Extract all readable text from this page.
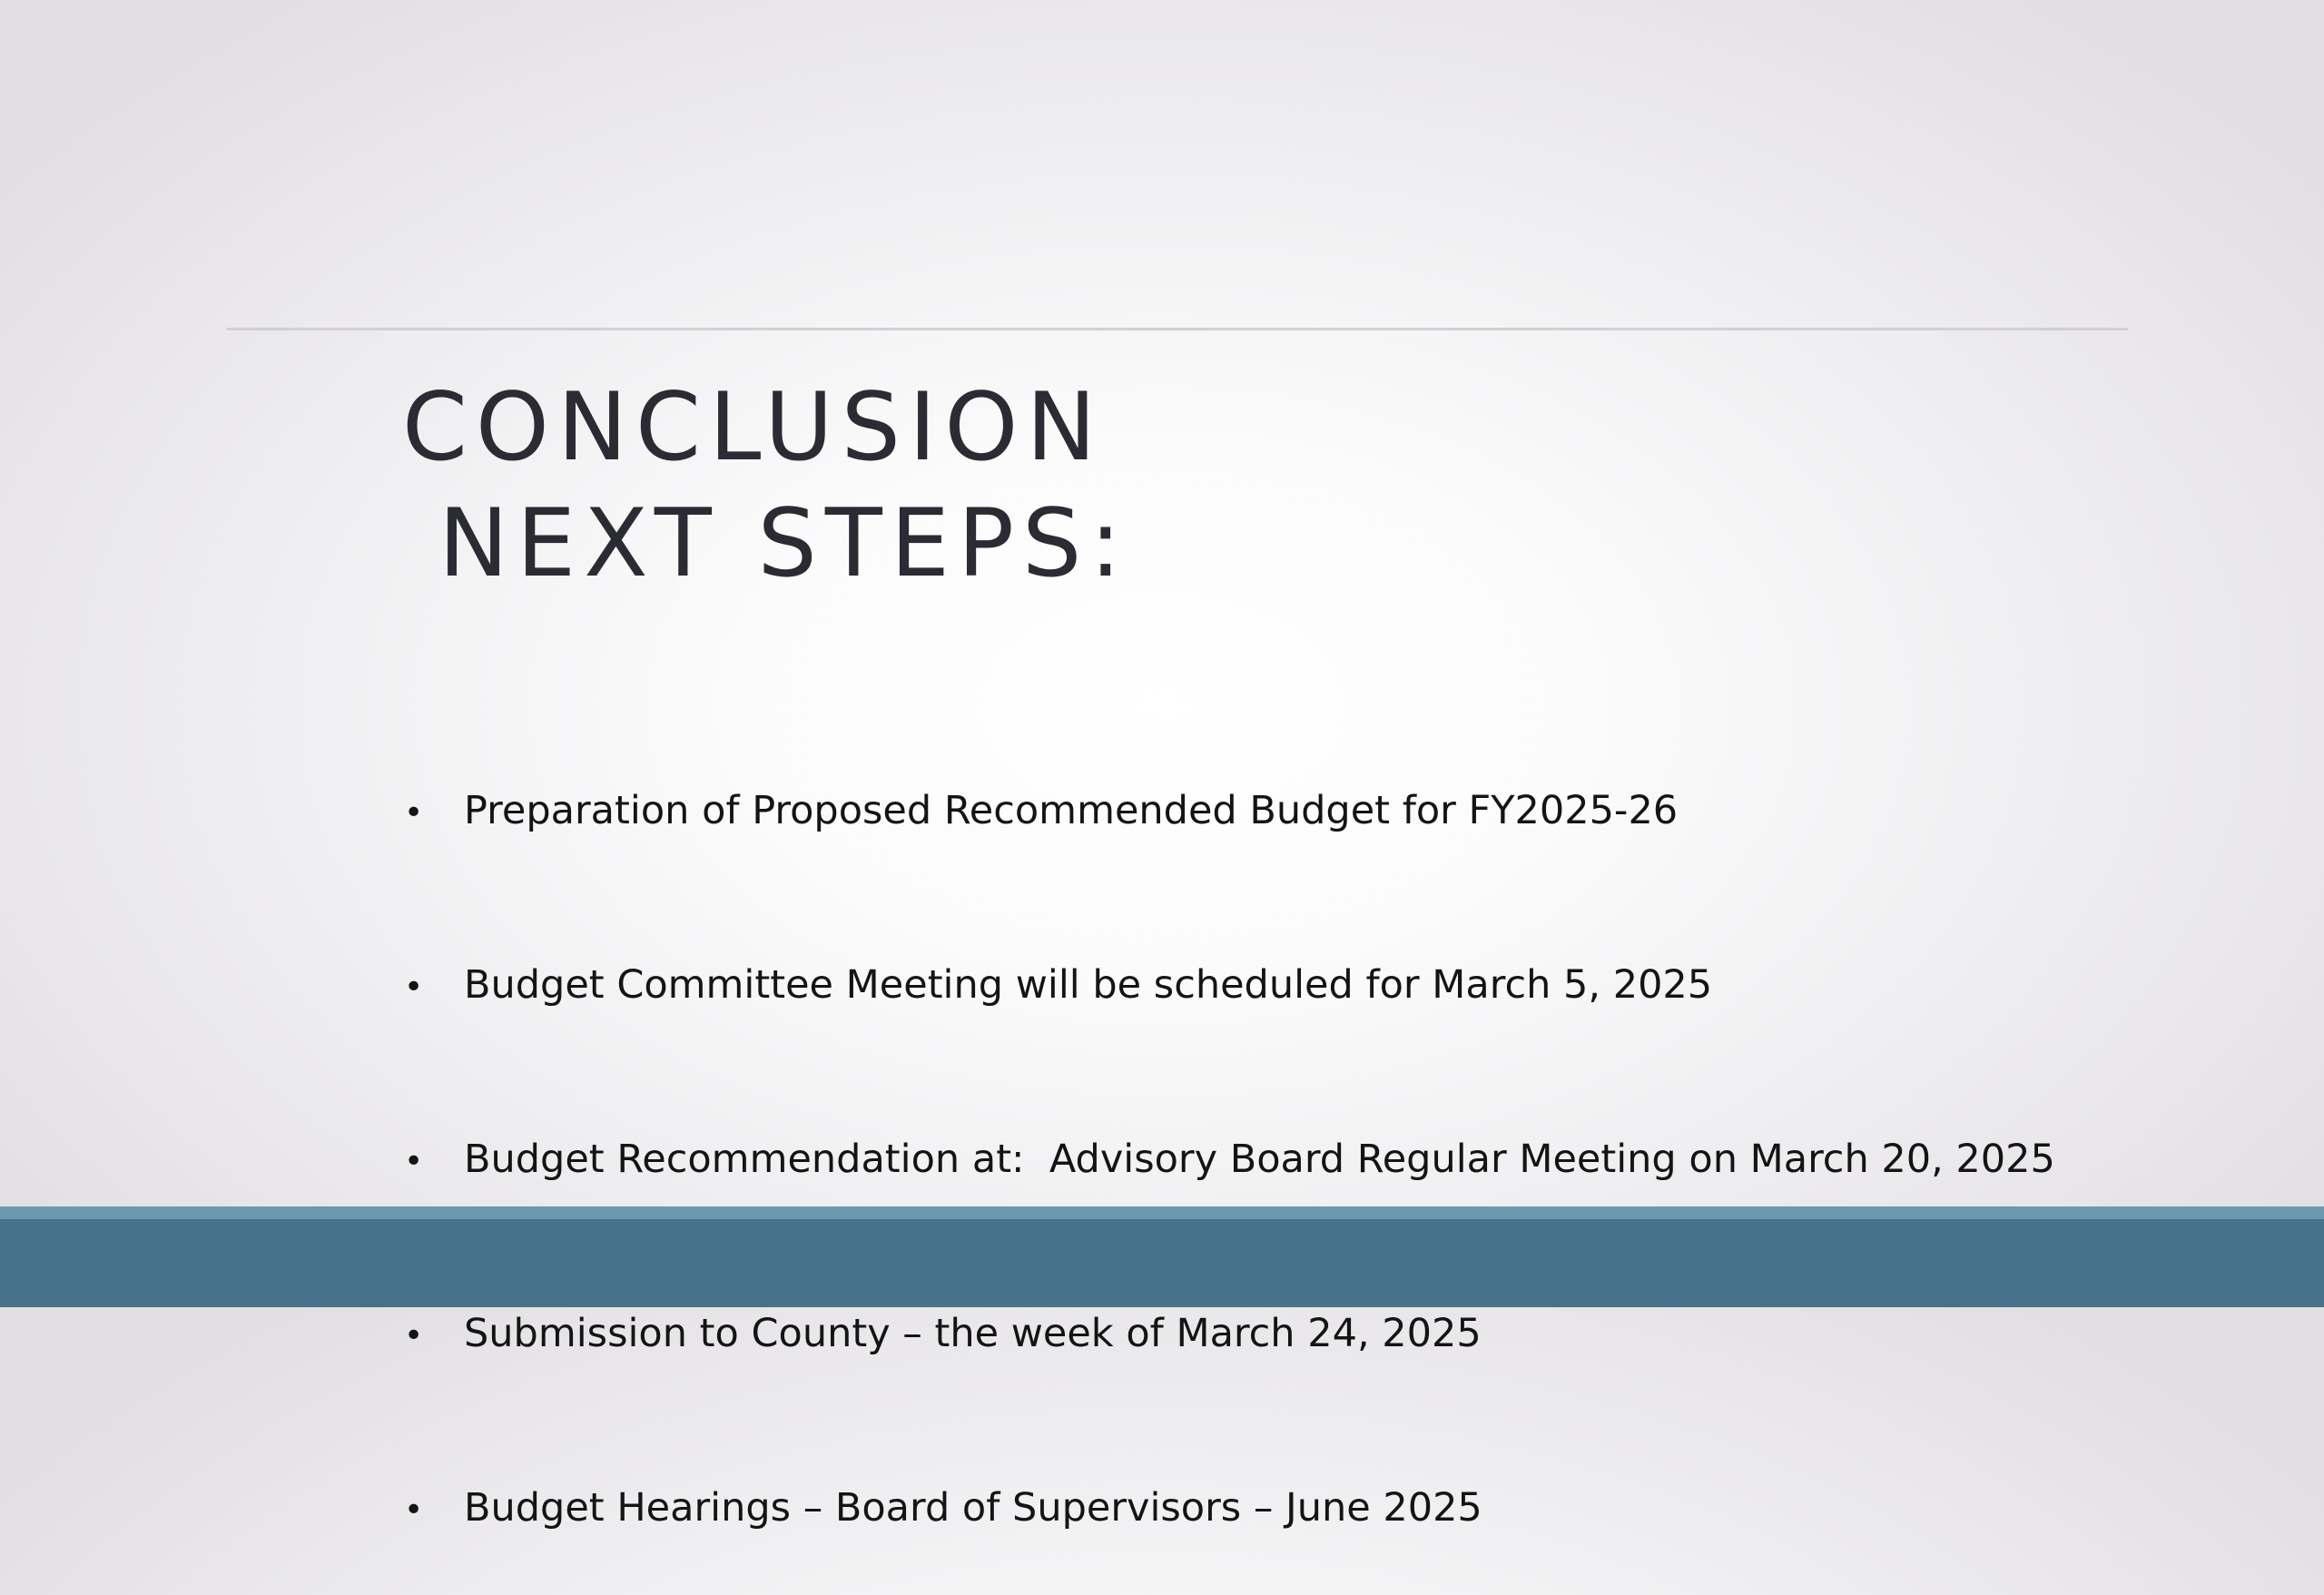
CONCLUSION
NEXT STEPS:

• Preparation of Proposed Recommended Budget for FY2025-26

• Budget Committee Meeting will be scheduled for March 5, 2025

• Budget Recommendation at:  Advisory Board Regular Meeting on March 20, 2025

• Submission to County – the week of March 24, 2025

• Budget Hearings – Board of Supervisors – June 2025
